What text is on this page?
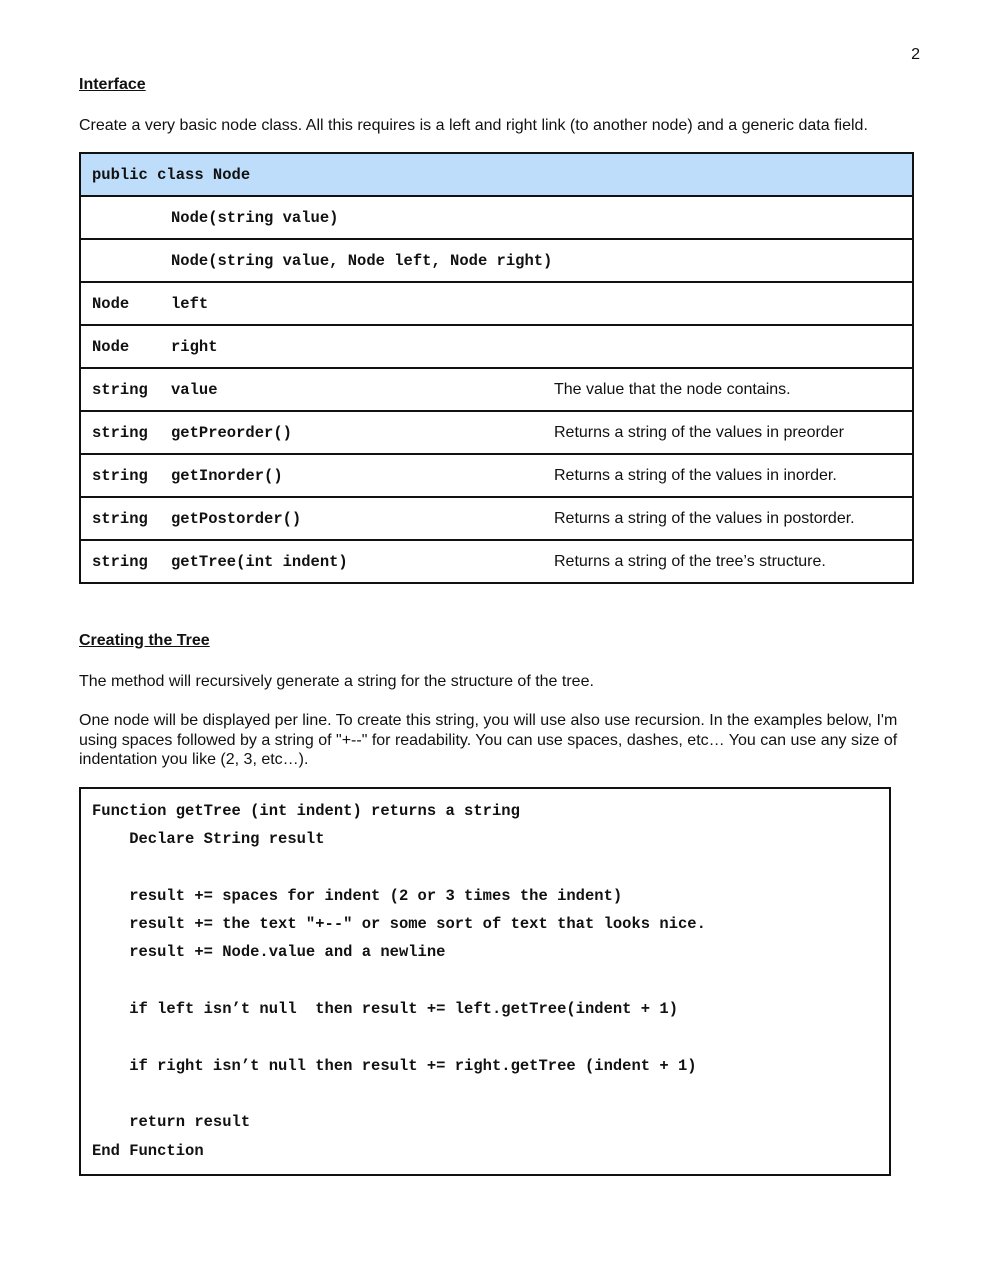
2
Interface
Create a very basic node class. All this requires is a left and right link (to another node) and a generic data field.
public class Node

Node(string value)

Node(string value, Node left, Node right)

Node	left

Node	right

string	value	The value that the node contains.

string	getPreorder()	Returns a string of the values in preorder

string	getInorder()	Returns a string of the values in inorder.

string	getPostorder()	Returns a string of the values in postorder.

string	getTree(int indent)	Returns a string of the tree’s structure.
Creating the Tree
The method will recursively generate a string for the structure of the tree.
One node will be displayed per line. To create this string, you will use also use recursion. In the examples below, I'm using spaces followed by a string of "+--" for readability. You can use spaces, dashes, etc… You can use any size of indentation you like (2, 3, etc…).
Function getTree (int indent) returns a string
Declare String result
result += spaces for indent (2 or 3 times the indent)
result += the text "+--" or some sort of text that looks nice.
result += Node.value and a newline
if left isn’t null  then result += left.getTree(indent + 1)
if right isn’t null then result += right.getTree (indent + 1)
return result
End Function
